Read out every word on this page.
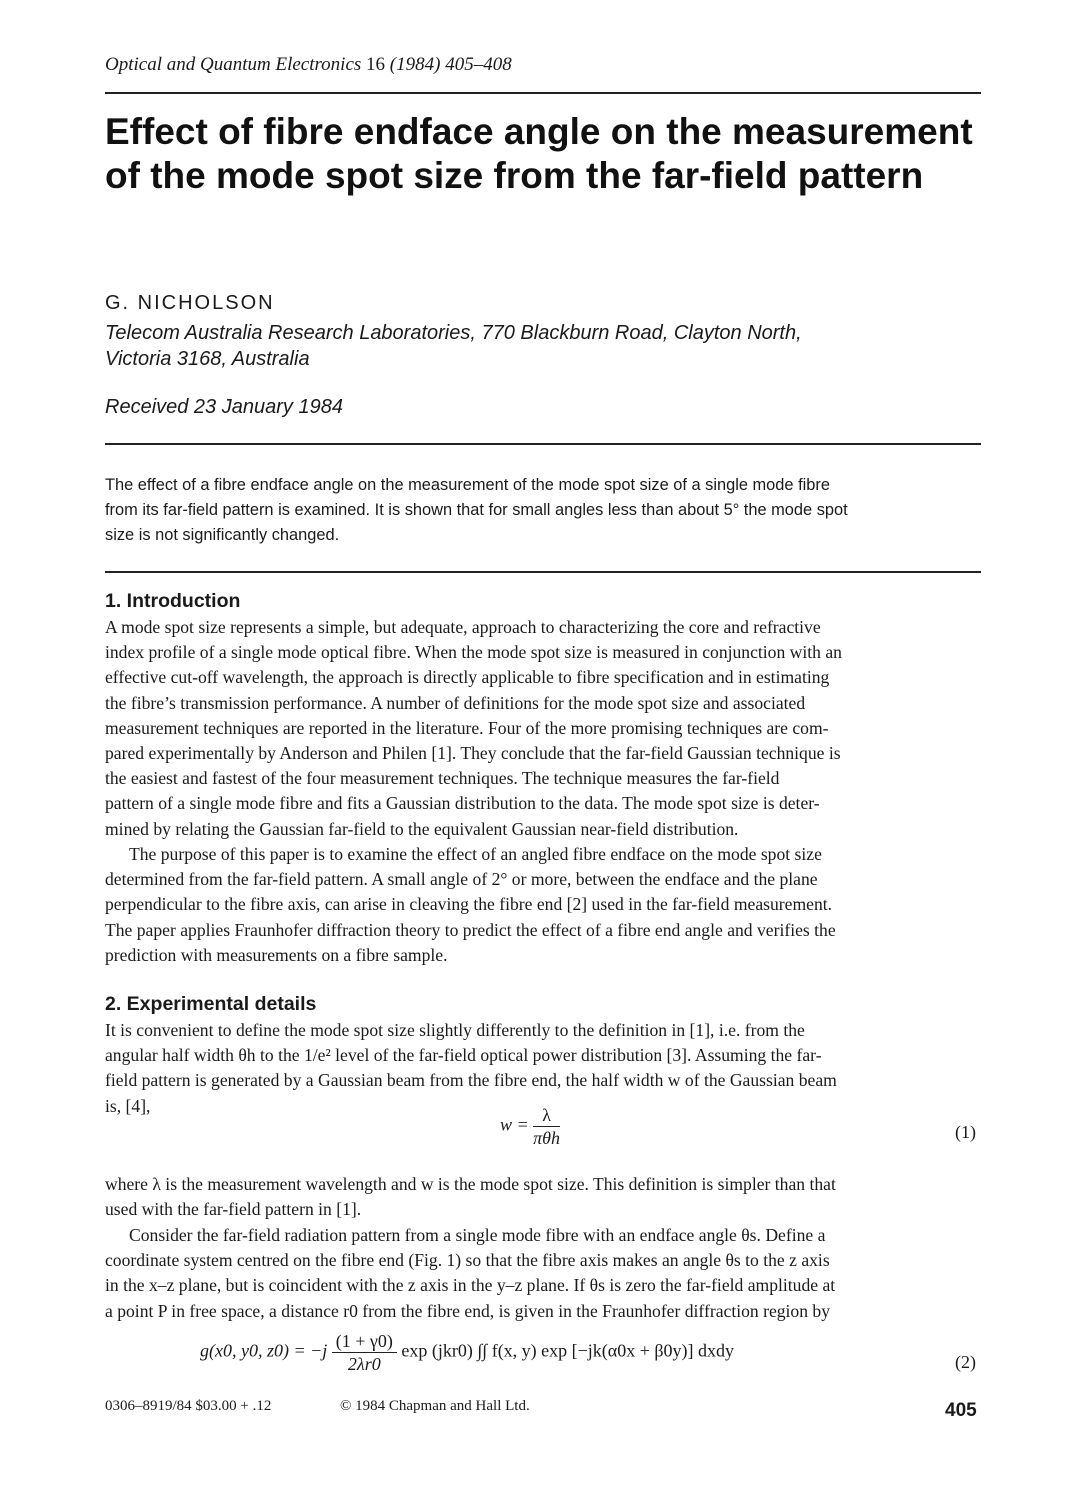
Optical and Quantum Electronics 16 (1984) 405–408
Effect of fibre endface angle on the measurement of the mode spot size from the far-field pattern
G. NICHOLSON
Telecom Australia Research Laboratories, 770 Blackburn Road, Clayton North,
Victoria 3168, Australia
Received 23 January 1984
The effect of a fibre endface angle on the measurement of the mode spot size of a single mode fibre
from its far-field pattern is examined. It is shown that for small angles less than about 5° the mode spot
size is not significantly changed.
1. Introduction
A mode spot size represents a simple, but adequate, approach to characterizing the core and refractive
index profile of a single mode optical fibre. When the mode spot size is measured in conjunction with an
effective cut-off wavelength, the approach is directly applicable to fibre specification and in estimating
the fibre’s transmission performance. A number of definitions for the mode spot size and associated
measurement techniques are reported in the literature. Four of the more promising techniques are com-
pared experimentally by Anderson and Philen [1]. They conclude that the far-field Gaussian technique is
the easiest and fastest of the four measurement techniques. The technique measures the far-field
pattern of a single mode fibre and fits a Gaussian distribution to the data. The mode spot size is deter-
mined by relating the Gaussian far-field to the equivalent Gaussian near-field distribution.
The purpose of this paper is to examine the effect of an angled fibre endface on the mode spot size
determined from the far-field pattern. A small angle of 2° or more, between the endface and the plane
perpendicular to the fibre axis, can arise in cleaving the fibre end [2] used in the far-field measurement.
The paper applies Fraunhofer diffraction theory to predict the effect of a fibre end angle and verifies the
prediction with measurements on a fibre sample.
2. Experimental details
It is convenient to define the mode spot size slightly differently to the definition in [1], i.e. from the
angular half width θh to the 1/e² level of the far-field optical power distribution [3]. Assuming the far-
field pattern is generated by a Gaussian beam from the fibre end, the half width w of the Gaussian beam
is, [4],
$w = \frac{\lambda}{\text{πθh}}$	(1)
where λ is the measurement wavelength and w is the mode spot size. This definition is simpler than that
used with the far-field pattern in [1].
Consider the far-field radiation pattern from a single mode fibre with an endface angle θs. Define a
coordinate system centred on the fibre end (Fig. 1) so that the fibre axis makes an angle θs to the z axis
in the x–z plane, but is coincident with the z axis in the y–z plane. If θs is zero the far-field amplitude at
a point P in free space, a distance r0 from the fibre end, is given in the Fraunhofer diffraction region by
g(x0, y0, $z0) = -j \frac{(1 + \gamma 0)}{2\lambda r0}$ exp (jkr0) ∫∫ f(x, y) exp [−jk(α0x + β0y)] dxdy
(2)
0306–8919/84 $03.00 + .12	© 1984 Chapman and Hall Ltd.	405
